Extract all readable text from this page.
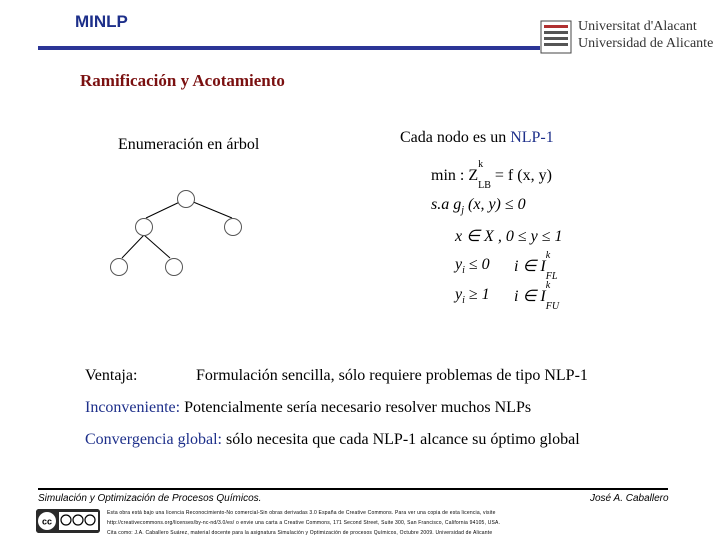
MINLP	Universitat d'Alacant
Universidad de Alicante
Ramificación y Acotamiento
Enumeración en árbol	Cada nodo es un NLP-1
min : Z
k
$_{LB}$ = f (x, y)
s.a $g_j$ (x, y) ≤ 0
x ∈ X , 0 ≤ y ≤ 1
$y_i \le 0$ i ∈ I
k
$_{FL}$
$y_i \ge 1$ i ∈ I
k
$_{FU}$
Ventaja:	Formulación sencilla, sólo requiere problemas de tipo NLP-1
Inconveniente: Potencialmente sería necesario resolver muchos NLPs
Convergencia global: sólo necesita que cada NLP-1 alcance su óptimo global
Simulación y Optimización de Procesos Químicos.	José A. Caballero
cc
Esta obra está bajo una licencia Reconocimiento-No comercial-Sin obras derivadas 3.0 España de Creative Commons. Para ver una copia de esta licencia, visite
http://creativecommons.org/licenses/by-nc-nd/3.0/es/ o envie una carta a Creative Commons, 171 Second Street, Suite 300, San Francisco, California 94105, USA.
Cita como: J.A. Caballero Suárez, material docente para la asignatura Simulación y Optimización de procesos Químicos, Octubre 2009. Universidad de Alicante
